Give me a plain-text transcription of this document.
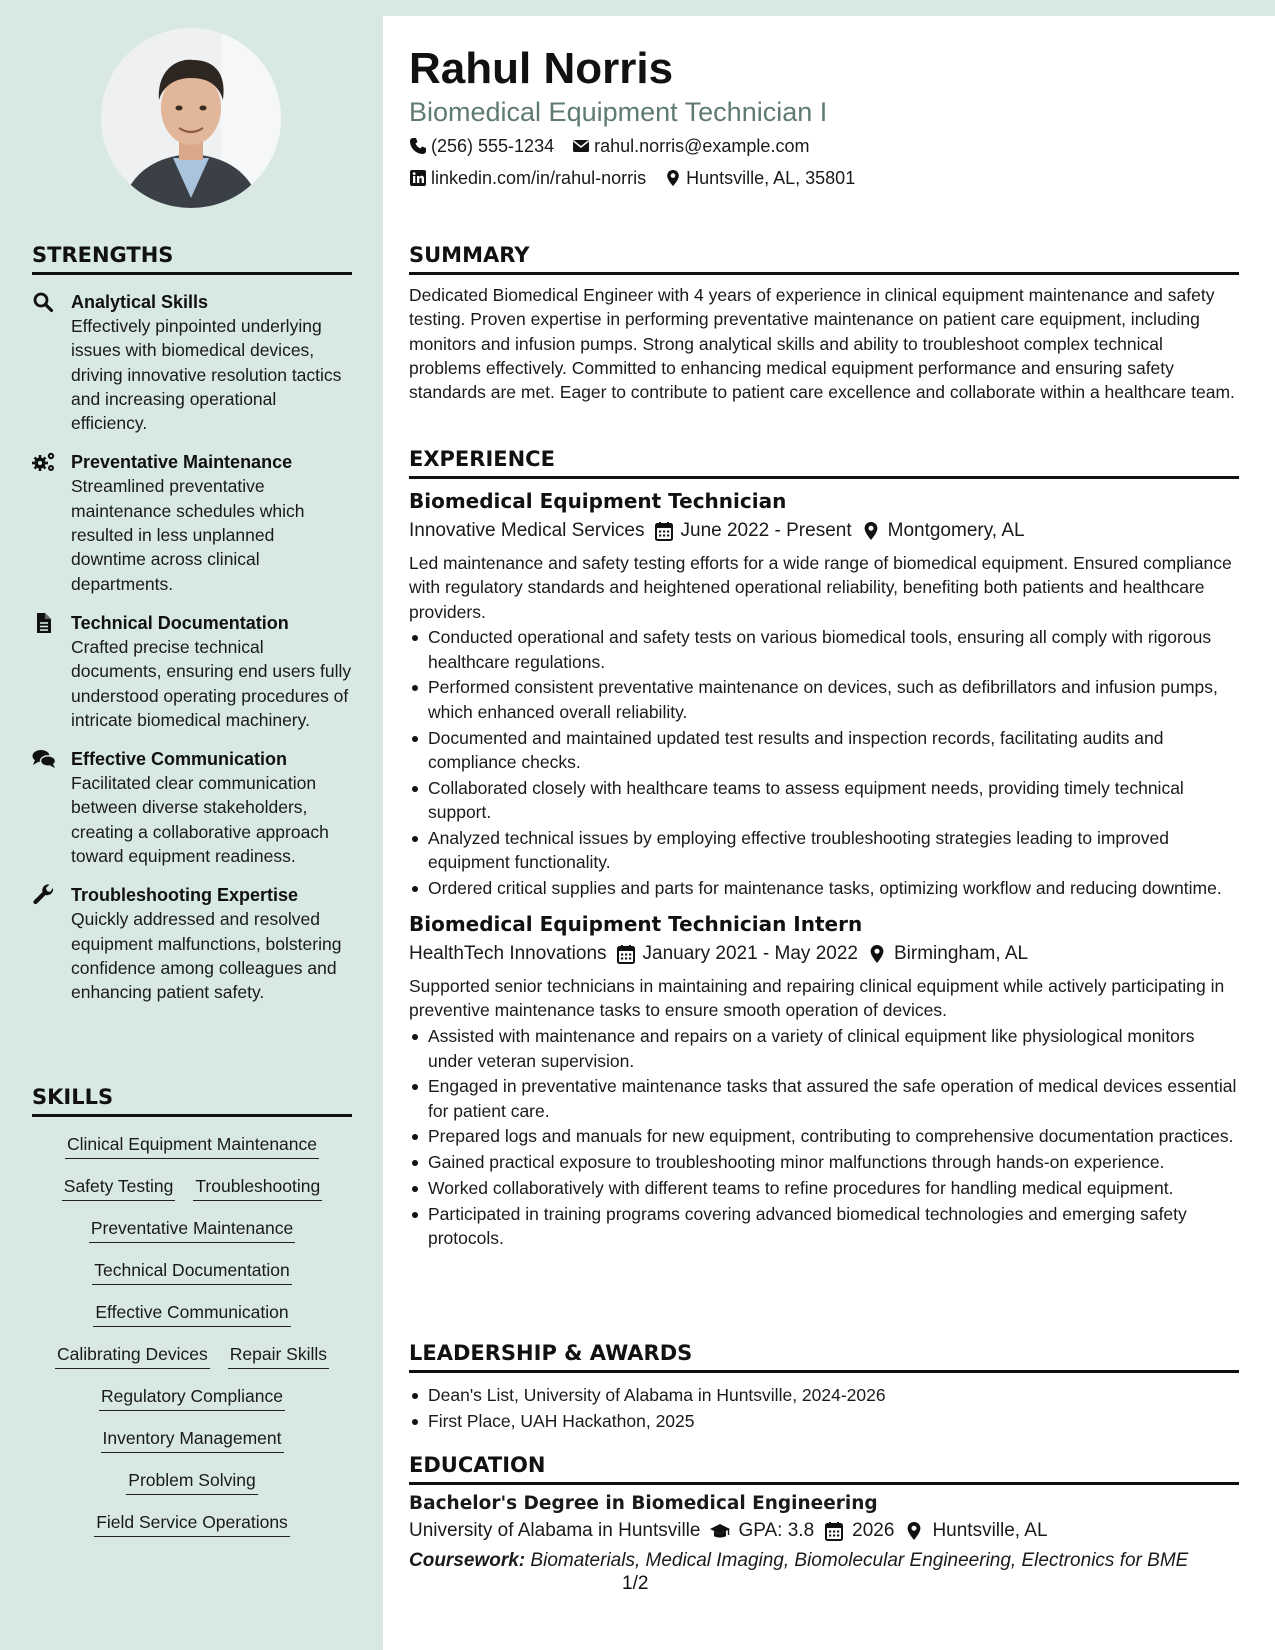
STRENGTHS
Analytical Skills
Effectively pinpointed underlying issues with biomedical devices, driving innovative resolution tactics and increasing operational efficiency.
Preventative Maintenance
Streamlined preventative maintenance schedules which resulted in less unplanned downtime across clinical departments.
Technical Documentation
Crafted precise technical documents, ensuring end users fully understood operating procedures of intricate biomedical machinery.
Effective Communication
Facilitated clear communication between diverse stakeholders, creating a collaborative approach toward equipment readiness.
Troubleshooting Expertise
Quickly addressed and resolved equipment malfunctions, bolstering confidence among colleagues and enhancing patient safety.
SKILLS
Clinical Equipment Maintenance
Safety Testing Troubleshooting
Preventative Maintenance
Technical Documentation
Effective Communication
Calibrating Devices Repair Skills
Regulatory Compliance
Inventory Management
Problem Solving
Field Service Operations
Rahul Norris
Biomedical Equipment Technician I
(256) 555-1234 rahul.norris@example.com
linkedin.com/in/rahul-norris Huntsville, AL, 35801
SUMMARY

Dedicated Biomedical Engineer with 4 years of experience in clinical equipment maintenance and safety testing. Proven expertise in performing preventative maintenance on patient care equipment, including monitors and infusion pumps. Strong analytical skills and ability to troubleshoot complex technical problems effectively. Committed to enhancing medical equipment performance and ensuring safety standards are met. Eager to contribute to patient care excellence and collaborate within a healthcare team.

EXPERIENCE
Biomedical Equipment Technician
Innovative Medical Services June 2022 - Present Montgomery, AL
Led maintenance and safety testing efforts for a wide range of biomedical equipment. Ensured compliance with regulatory standards and heightened operational reliability, benefiting both patients and healthcare providers.
Conducted operational and safety tests on various biomedical tools, ensuring all comply with rigorous healthcare regulations.
Performed consistent preventative maintenance on devices, such as defibrillators and infusion pumps, which enhanced overall reliability.
Documented and maintained updated test results and inspection records, facilitating audits and compliance checks.
Collaborated closely with healthcare teams to assess equipment needs, providing timely technical support.
Analyzed technical issues by employing effective troubleshooting strategies leading to improved equipment functionality.
Ordered critical supplies and parts for maintenance tasks, optimizing workflow and reducing downtime.
Biomedical Equipment Technician Intern
HealthTech Innovations January 2021 - May 2022 Birmingham, AL
Supported senior technicians in maintaining and repairing clinical equipment while actively participating in preventive maintenance tasks to ensure smooth operation of devices.
Assisted with maintenance and repairs on a variety of clinical equipment like physiological monitors under veteran supervision.
Engaged in preventative maintenance tasks that assured the safe operation of medical devices essential for patient care.
Prepared logs and manuals for new equipment, contributing to comprehensive documentation practices.
Gained practical exposure to troubleshooting minor malfunctions through hands-on experience.
Worked collaboratively with different teams to refine procedures for handling medical equipment.
Participated in training programs covering advanced biomedical technologies and emerging safety protocols.
LEADERSHIP & AWARDS
Dean's List, University of Alabama in Huntsville, 2024-2026
First Place, UAH Hackathon, 2025
EDUCATION
Bachelor's Degree in Biomedical Engineering
University of Alabama in Huntsville GPA: 3.8 2026 Huntsville, AL
Coursework: Biomaterials, Medical Imaging, Biomolecular Engineering, Electronics for BME
1/2
